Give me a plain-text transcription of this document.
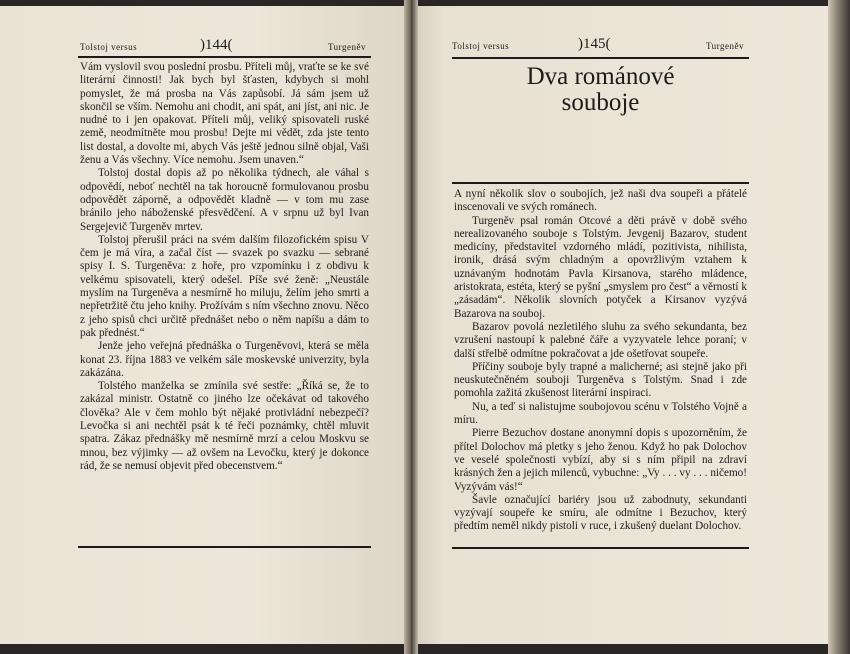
Tolstoj versus	)144(	Turgeněv

Vám vyslovil svou poslední prosbu. Příteli můj, vraťte se ke své literární činnosti! Jak bych byl šťasten, kdybych si mohl pomyslet, že má prosba na Vás zapůsobí. Já sám jsem už skončil se vším. Nemohu ani chodit, ani spát, ani jíst, ani nic. Je nudné to i jen opakovat. Příteli můj, veliký spisovateli ruské země, neodmítněte mou prosbu! Dejte mi vědět, zda jste tento list dostal, a dovolte mi, abych Vás ještě jednou silně objal, Vaši ženu a Vás všechny. Více nemohu. Jsem unaven.“

Tolstoj dostal dopis až po několika týdnech, ale váhal s odpovědí, neboť nechtěl na tak horoucně formulovanou prosbu odpovědět záporně, a odpovědět kladně — v tom mu zase bránilo jeho náboženské přesvědčení. A v srpnu už byl Ivan Sergejevič Turgeněv mrtev.

Tolstoj přerušil práci na svém dalším filozofickém spisu V čem je má víra, a začal číst — svazek po svazku — sebrané spisy I. S. Turgeněva: z hoře, pro vzpomínku i z obdivu k velkému spisovateli, který odešel. Píše své ženě: „Neustále myslím na Turgeněva a nesmírně ho miluju, želím jeho smrti a nepřetržitě čtu jeho knihy. Prožívám s ním všechno znovu. Něco z jeho spisů chci určitě přednášet nebo o něm napíšu a dám to pak přednést.“

Jenže jeho veřejná přednáška o Turgeněvovi, která se měla konat 23. října 1883 ve velkém sále moskevské univerzity, byla zakázána.

Tolstého manželka se zmínila své sestře: „Říká se, že to zakázal ministr. Ostatně co jiného lze očekávat od takového člověka? Ale v čem mohlo být nějaké protivládní nebezpečí? Levočka si ani nechtěl psát k té řeči poznámky, chtěl mluvit spatra. Zákaz přednášky mě nesmírně mrzí a celou Moskvu se mnou, bez výjimky — až ovšem na Levočku, který je dokonce rád, že se nemusí objevit před obecenstvem.“

Tolstoj versus	)145(	Turgeněv
Dva románové
souboje

A nyní několik slov o soubojích, jež naši dva soupeři a přátelé inscenovali ve svých románech.

Turgeněv psal román Otcové a děti právě v době svého nerealizovaného souboje s Tolstým. Jevgenij Bazarov, student medicíny, představitel vzdorného mládí, pozitivista, nihilista, ironik, drásá svým chladným a opovržlivým vztahem k uznávaným hodnotám Pavla Kirsanova, starého mládence, aristokrata, estéta, který se pyšní „smyslem pro čest“ a věrností k „zásadám“. Několik slovních potyček a Kirsanov vyzývá Bazarova na souboj.

Bazarov povolá nezletilého sluhu za svého sekundanta, bez vzrušení nastoupí k palebné čáře a vyzyvatele lehce poraní; v další střelbě odmítne pokračovat a jde ošetřovat soupeře.

Příčiny souboje byly trapné a malicherné; asi stejně jako při neuskutečněném souboji Turgeněva s Tolstým. Snad i zde pomohla zažitá zkušenost literární inspiraci.

Nu, a teď si nalistujme soubojovou scénu v Tolstého Vojně a míru.

Pierre Bezuchov dostane anonymní dopis s upozorněním, že přítel Dolochov má pletky s jeho ženou. Když ho pak Dolochov ve veselé společnosti vybízí, aby si s ním připil na zdraví krásných žen a jejich milenců, vybuchne: „Vy . . . vy . . . ničemo! Vyzývám vás!“

Šavle označující bariéry jsou už zabodnuty, sekundanti vyzývají soupeře ke smíru, ale odmítne i Bezuchov, který předtím neměl nikdy pistoli v ruce, i zkušený duelant Dolochov.
